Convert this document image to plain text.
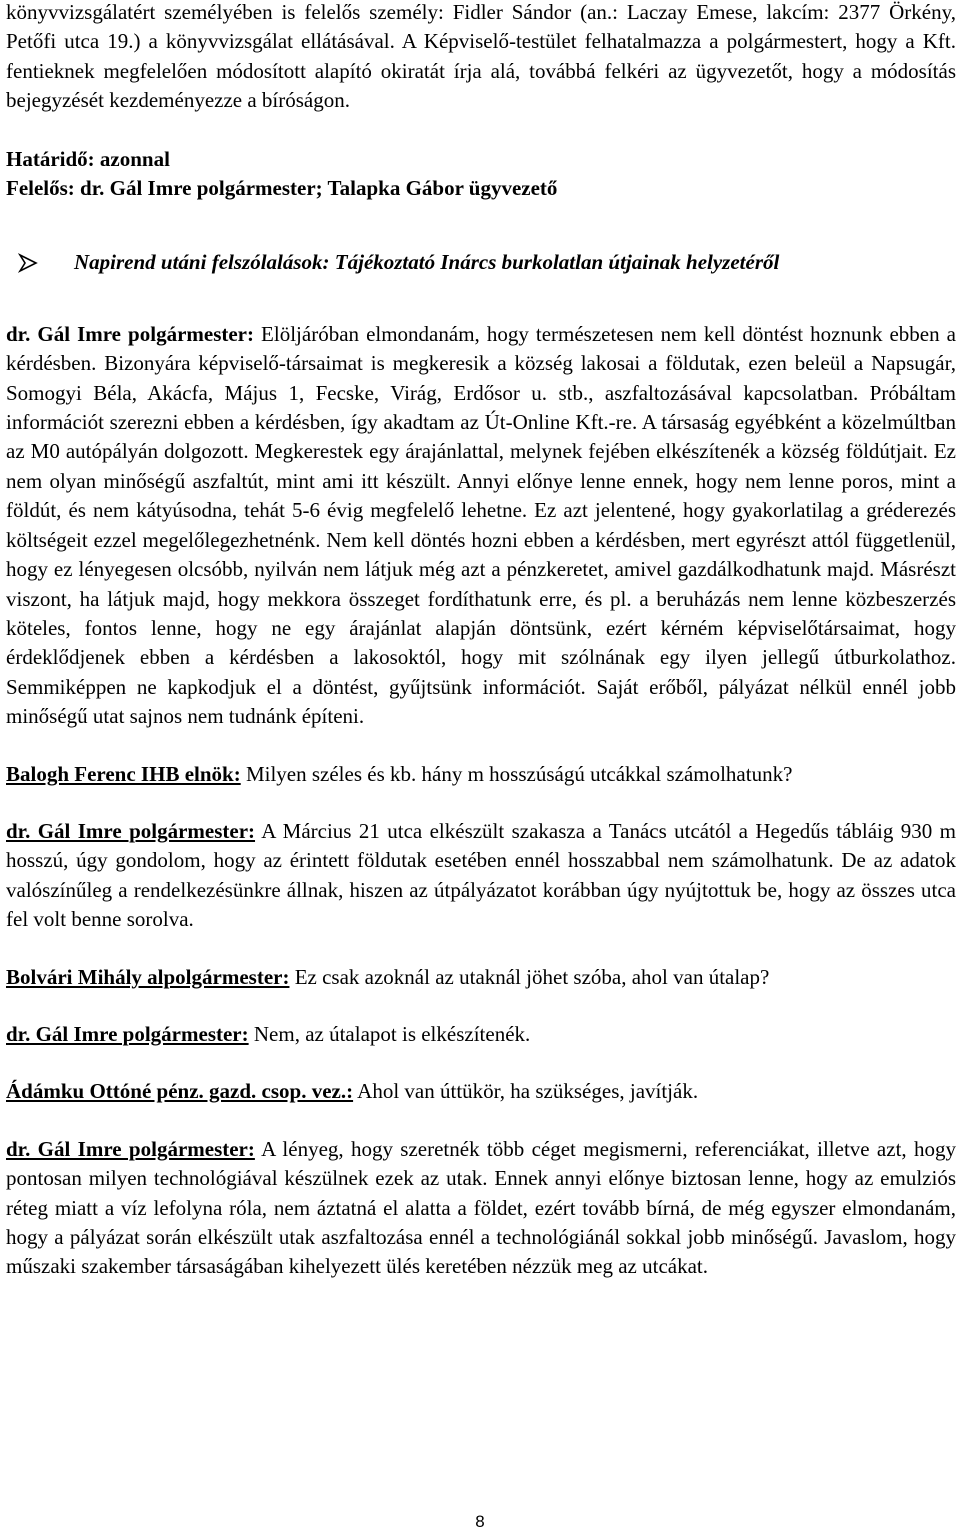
könyvvizsgálatért személyében is felelős személy: Fidler Sándor (an.: Laczay Emese, lakcím: 2377 Örkény, Petőfi utca 19.) a könyvvizsgálat ellátásával. A Képviselő-testület felhatalmazza a polgármestert, hogy a Kft. fentieknek megfelelően módosított alapító okiratát írja alá, továbbá felkéri az ügyvezetőt, hogy a módosítás bejegyzését kezdeményezze a bíróságon.

Határidő: azonnal
Felelős: dr. Gál Imre polgármester; Talapka Gábor ügyvezető
Napirend utáni felszólalások: Tájékoztató Inárcs burkolatlan útjainak helyzetéről

dr. Gál Imre polgármester: Elöljáróban elmondanám, hogy természetesen nem kell döntést hoznunk ebben a kérdésben. Bizonyára képviselő-társaimat is megkeresik a község lakosai a földutak, ezen beleül a Napsugár, Somogyi Béla, Akácfa, Május 1, Fecske, Virág, Erdősor u. stb., aszfaltozásával kapcsolatban. Próbáltam információt szerezni ebben a kérdésben, így akadtam az Út-Online Kft.-re. A társaság egyébként a közelmúltban az M0 autópályán dolgozott. Megkerestek egy árajánlattal, melynek fejében elkészítenék a község földútjait. Ez nem olyan minőségű aszfaltút, mint ami itt készült. Annyi előnye lenne ennek, hogy nem lenne poros, mint a földút, és nem kátyúsodna, tehát 5-6 évig megfelelő lehetne. Ez azt jelentené, hogy gyakorlatilag a gréderezés költségeit ezzel megelőlegezhetnénk. Nem kell döntés hozni ebben a kérdésben, mert egyrészt attól függetlenül, hogy ez lényegesen olcsóbb, nyilván nem látjuk még azt a pénzkeretet, amivel gazdálkodhatunk majd. Másrészt viszont, ha látjuk majd, hogy mekkora összeget fordíthatunk erre, és pl. a beruházás nem lenne közbeszerzés köteles, fontos lenne, hogy ne egy árajánlat alapján döntsünk, ezért kérném képviselőtársaimat, hogy érdeklődjenek ebben a kérdésben a lakosoktól, hogy mit szólnának egy ilyen jellegű útburkolathoz. Semmiképpen ne kapkodjuk el a döntést, gyűjtsünk információt. Saját erőből, pályázat nélkül ennél jobb minőségű utat sajnos nem tudnánk építeni.

Balogh Ferenc IHB elnök: Milyen széles és kb. hány m hosszúságú utcákkal számolhatunk?

dr. Gál Imre polgármester: A Március 21 utca elkészült szakasza a Tanács utcától a Hegedűs tábláig 930 m hosszú, úgy gondolom, hogy az érintett földutak esetében ennél hosszabbal nem számolhatunk. De az adatok valószínűleg a rendelkezésünkre állnak, hiszen az útpályázatot korábban úgy nyújtottuk be, hogy az összes utca fel volt benne sorolva.

Bolvári Mihály alpolgármester: Ez csak azoknál az utaknál jöhet szóba, ahol van útalap?

dr. Gál Imre polgármester: Nem, az útalapot is elkészítenék.

Ádámku Ottóné pénz. gazd. csop. vez.: Ahol van úttükör, ha szükséges, javítják.

dr. Gál Imre polgármester: A lényeg, hogy szeretnék több céget megismerni, referenciákat, illetve azt, hogy pontosan milyen technológiával készülnek ezek az utak. Ennek annyi előnye biztosan lenne, hogy az emulziós réteg miatt a víz lefolyna róla, nem áztatná el alatta a földet, ezért tovább bírná, de még egyszer elmondanám, hogy a pályázat során elkészült utak aszfaltozása ennél a technológiánál sokkal jobb minőségű. Javaslom, hogy műszaki szakember társaságában kihelyezett ülés keretében nézzük meg az utcákat.

8
